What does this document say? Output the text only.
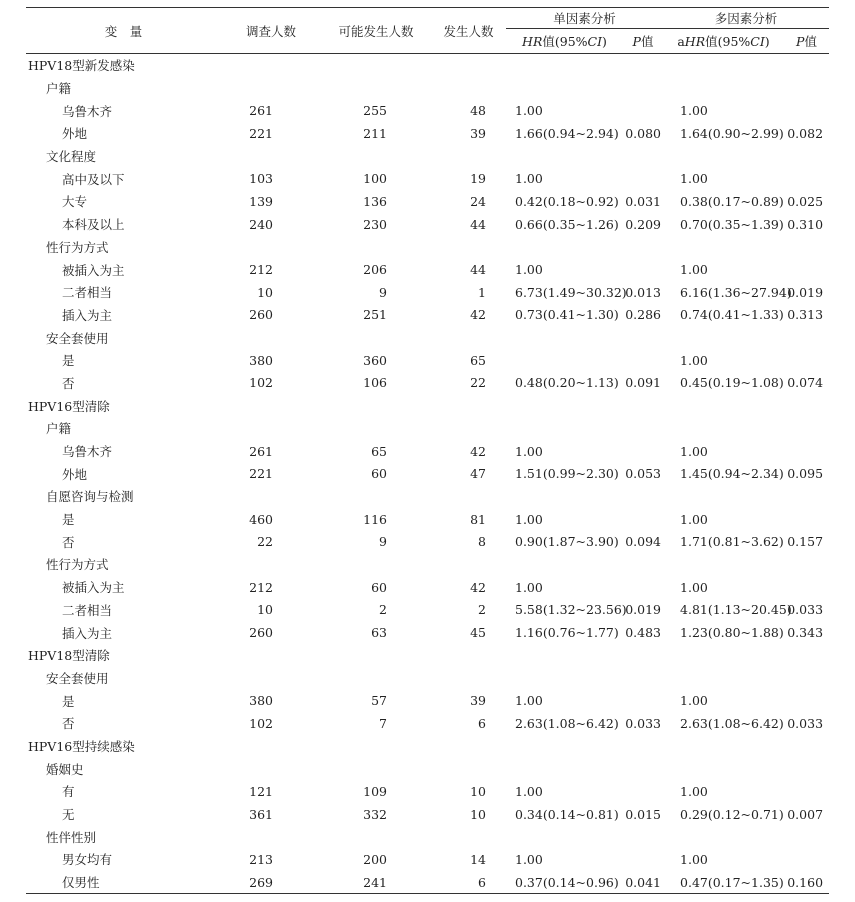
变　量	调查人数	可能发生人数	发生人数	单因素分析		多因素分析	
				HR值(95%CI)	P值	aHR值(95%CI)	P值
HPV18型新发感染							
户籍							
乌鲁木齐	261	255	48	1.00		1.00	
外地	221	211	39	1.66(0.94~2.94)	0.080	1.64(0.90~2.99)	0.082
文化程度							
高中及以下	103	100	19	1.00		1.00	
大专	139	136	24	0.42(0.18~0.92)	0.031	0.38(0.17~0.89)	0.025
本科及以上	240	230	44	0.66(0.35~1.26)	0.209	0.70(0.35~1.39)	0.310
性行为方式							
被插入为主	212	206	44	1.00		1.00	
二者相当	10	9	1	6.73(1.49~30.32)	0.013	6.16(1.36~27.94)	0.019
插入为主	260	251	42	0.73(0.41~1.30)	0.286	0.74(0.41~1.33)	0.313
安全套使用							
是	380	360	65			1.00	
否	102	106	22	0.48(0.20~1.13)	0.091	0.45(0.19~1.08)	0.074
HPV16型清除							
户籍							
乌鲁木齐	261	65	42	1.00		1.00	
外地	221	60	47	1.51(0.99~2.30)	0.053	1.45(0.94~2.34)	0.095
自愿咨询与检测							
是	460	116	81	1.00		1.00	
否	22	9	8	0.90(1.87~3.90)	0.094	1.71(0.81~3.62)	0.157
性行为方式							
被插入为主	212	60	42	1.00		1.00	
二者相当	10	2	2	5.58(1.32~23.56)	0.019	4.81(1.13~20.45)	0.033
插入为主	260	63	45	1.16(0.76~1.77)	0.483	1.23(0.80~1.88)	0.343
HPV18型清除							
安全套使用							
是	380	57	39	1.00		1.00	
否	102	7	6	2.63(1.08~6.42)	0.033	2.63(1.08~6.42)	0.033
HPV16型持续感染							
婚姻史							
有	121	109	10	1.00		1.00	
无	361	332	10	0.34(0.14~0.81)	0.015	0.29(0.12~0.71)	0.007
性伴性别							
男女均有	213	200	14	1.00		1.00	
仅男性	269	241	6	0.37(0.14~0.96)	0.041	0.47(0.17~1.35)	0.160
